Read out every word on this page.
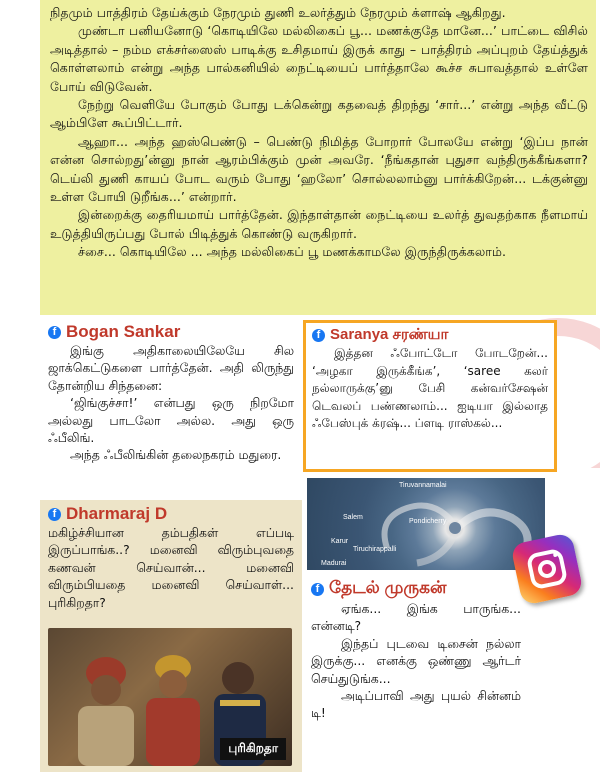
நிதமும் பாத்திரம் தேய்க்கும் நேரமும் துணி உலர்த்தும் நேரமும் க்ளாஷ் ஆகிறது.

முண்டா பனியனோடு ‘கொடியிலே மல்லிகைப் பூ... மணக்குதே மானே...’ பாட்டை விசில் அடித்தால் – நம்ம எக்சர்ஸைஸ் பாடிக்கு உசிதமாய் இருக் காது – பாத்திரம் அப்புறம் தேய்த்துக் கொள்ளலாம் என்று அந்த பால்கனியில் நைட்டியைப் பார்த்தாலே கூச்ச சுபாவத்தால் உள்ளே போய் விடுவேன்.

நேற்று வெளியே போகும் போது டக்கென்று கதவைத் திறந்து ‘சார்...’ என்று அந்த வீட்டு ஆம்பிளே கூப்பிட்டார்.

ஆஹா... அந்த ஹஸ்பெண்டு – பெண்டு நிமித்த போறார் போலயே என்று ‘இப்ப நான் என்ன சொல்றது’ன்னு நான் ஆரம்பிக்கும் முன் அவரே. ‘நீங்கதான் புதுசா வந்திருக்கீங்களா? டெய்லி துணி காயப் போட வரும் போது ‘ஹலோ’ சொல்லலாம்னு பார்க்கிறேன்... டக்குன்னு உள்ள போயி டுறீங்க...’ என்றார்.

இன்றைக்கு தைரியமாய் பார்த்தேன். இந்தாள்தான் நைட்டியை உலர்த் துவதற்காக நீளமாய் உடுத்தியிருப்பது போல் பிடித்துக் கொண்டு வருகிறார்.

ச்சை... கொடியிலே ... அந்த மல்லிகைப் பூ மணக்காமலே இருந்திருக்கலாம்.

f Bogan Sankar

இங்கு அதிகாலையிலேயே சில ஜாக்கெட்டுகளை பார்த்தேன். அதி லிருந்து தோன்றிய சிந்தனை:

‘ஜிங்குச்சா!’ என்பது ஒரு நிறமோ அல்லது பாடலோ அல்ல. அது ஒரு ஃபீலிங்.

அந்த ஃபீலிங்கின் தலைநகரம் மதுரை.

f Dharmaraj D

மகிழ்ச்சியான தம்பதிகள் எப்படி இருப்பாங்க..? மனைவி விரும்புவதை கணவன் செய்வான்... மனைவி விரும்பியதை மனைவி செய்வாள்... புரிகிறதா?

புரிகிறதா
f Saranya சரண்யா

இத்தன ஃபோட்டோ போடறேன்... ‘அழகா இருக்கீங்க’, ‘saree கலர் நல்லாருக்கு’னு பேசி கன்வர்சேஷன் டெவலப் பண்ணலாம்... ஐடியா இல்லாத ஃபேஸ்புக் க்ரஷ்... ப்ளடி ராஸ்கல்...

Tiruvannamalai
Pondicherry
Salem
Karur
Tiruchirappalli
Madurai
f தேடல் முருகன்

ஏங்க... இங்க பாருங்க... என்னடி?

இந்தப் புடவை டிசைன் நல்லா இருக்கு... எனக்கு ஒண்ணு ஆர்டர் செய்துடுங்க...

அடிப்பாவி அது புயல் சின்னம் டி!
